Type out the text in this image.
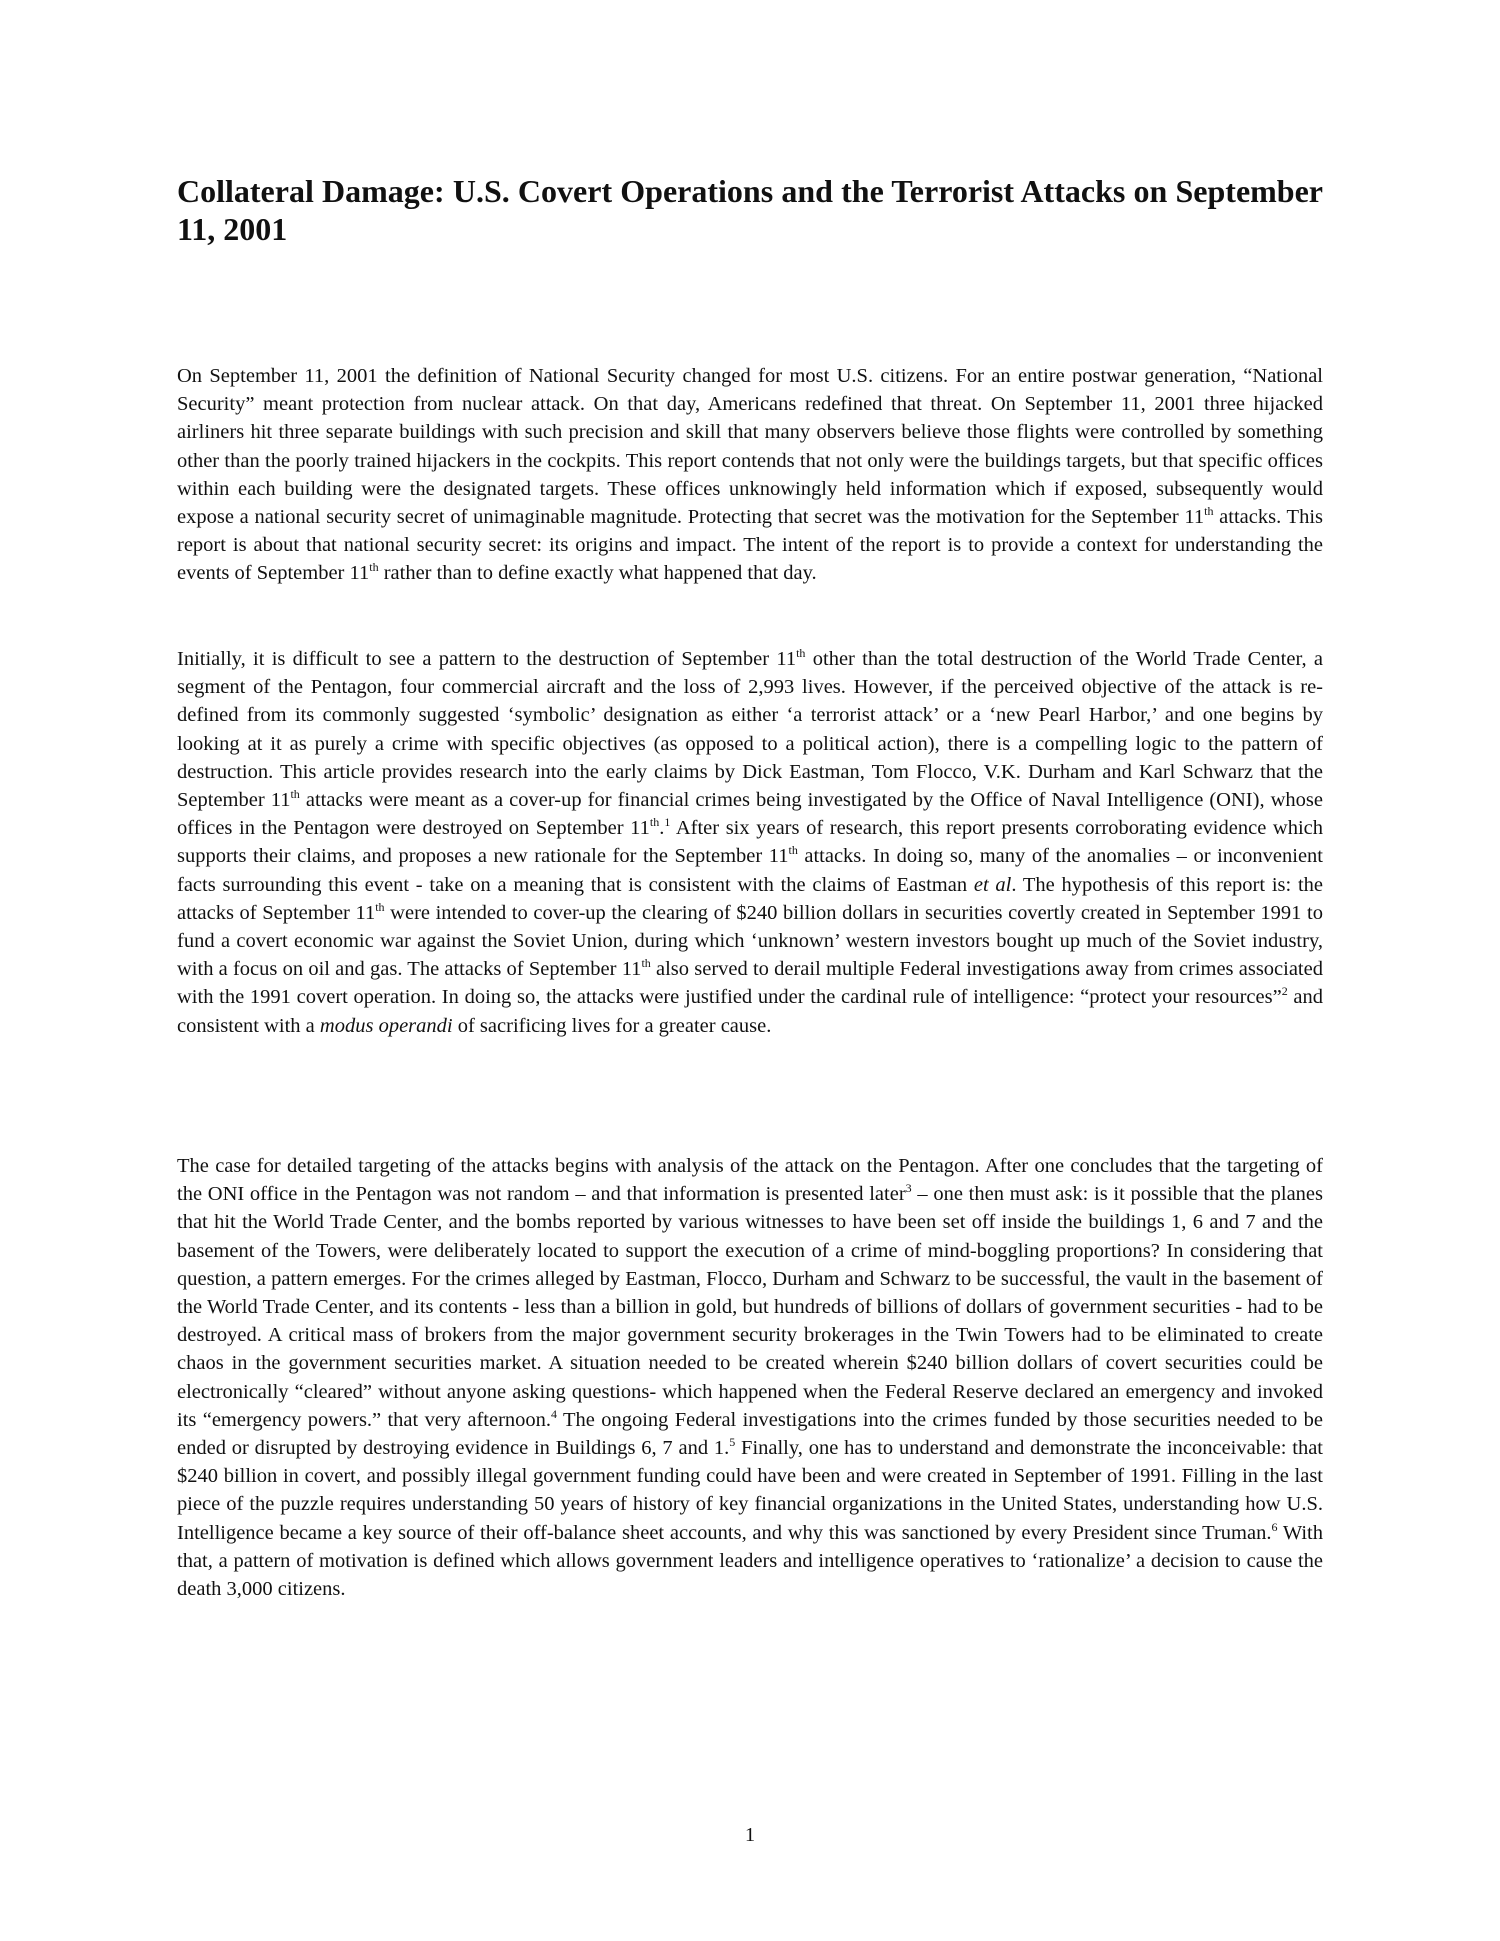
Collateral Damage: U.S. Covert Operations and the Terrorist Attacks on September 11, 2001

On September 11, 2001 the definition of National Security changed for most U.S. citizens. For an entire postwar generation, “National Security” meant protection from nuclear attack. On that day, Americans redefined that threat. On September 11, 2001 three hijacked airliners hit three separate buildings with such precision and skill that many observers believe those flights were controlled by something other than the poorly trained hijackers in the cockpits. This report contends that not only were the buildings targets, but that specific offices within each building were the designated targets. These offices unknowingly held information which if exposed, subsequently would expose a national security secret of unimaginable magnitude. Protecting that secret was the motivation for the September 11th attacks. This report is about that national security secret: its origins and impact. The intent of the report is to provide a context for understanding the events of September 11th rather than to define exactly what happened that day.

Initially, it is difficult to see a pattern to the destruction of September 11th other than the total destruction of the World Trade Center, a segment of the Pentagon, four commercial aircraft and the loss of 2,993 lives. However, if the perceived objective of the attack is re-defined from its commonly suggested ‘symbolic’ designation as either ‘a terrorist attack’ or a ‘new Pearl Harbor,’ and one begins by looking at it as purely a crime with specific objectives (as opposed to a political action), there is a compelling logic to the pattern of destruction. This article provides research into the early claims by Dick Eastman, Tom Flocco, V.K. Durham and Karl Schwarz that the September 11th attacks were meant as a cover-up for financial crimes being investigated by the Office of Naval Intelligence (ONI), whose offices in the Pentagon were destroyed on September 11th.$^1$ After six years of research, this report presents corroborating evidence which supports their claims, and proposes a new rationale for the September 11th attacks. In doing so, many of the anomalies – or inconvenient facts surrounding this event - take on a meaning that is consistent with the claims of Eastman et al. The hypothesis of this report is: the attacks of September 11th were intended to cover-up the clearing of $240 billion dollars in securities covertly created in September 1991 to fund a covert economic war against the Soviet Union, during which ‘unknown’ western investors bought up much of the Soviet industry, with a focus on oil and gas. The attacks of September 11th also served to derail multiple Federal investigations away from crimes associated with the 1991 covert operation. In doing so, the attacks were justified under the cardinal rule of intelligence: “protect your resources”$^2$ and consistent with a modus operandi of sacrificing lives for a greater cause.

The case for detailed targeting of the attacks begins with analysis of the attack on the Pentagon. After one concludes that the targeting of the ONI office in the Pentagon was not random – and that information is presented later$^3$ – one then must ask: is it possible that the planes that hit the World Trade Center, and the bombs reported by various witnesses to have been set off inside the buildings 1, 6 and 7 and the basement of the Towers, were deliberately located to support the execution of a crime of mind-boggling proportions? In considering that question, a pattern emerges. For the crimes alleged by Eastman, Flocco, Durham and Schwarz to be successful, the vault in the basement of the World Trade Center, and its contents - less than a billion in gold, but hundreds of billions of dollars of government securities - had to be destroyed. A critical mass of brokers from the major government security brokerages in the Twin Towers had to be eliminated to create chaos in the government securities market. A situation needed to be created wherein $240 billion dollars of covert securities could be electronically “cleared” without anyone asking questions- which happened when the Federal Reserve declared an emergency and invoked its “emergency powers.” that very afternoon.$^4$ The ongoing Federal investigations into the crimes funded by those securities needed to be ended or disrupted by destroying evidence in Buildings 6, 7 and 1.$^5$ Finally, one has to understand and demonstrate the inconceivable: that $240 billion in covert, and possibly illegal government funding could have been and were created in September of 1991. Filling in the last piece of the puzzle requires understanding 50 years of history of key financial organizations in the United States, understanding how U.S. Intelligence became a key source of their off-balance sheet accounts, and why this was sanctioned by every President since Truman.$^6$ With that, a pattern of motivation is defined which allows government leaders and intelligence operatives to ‘rationalize’ a decision to cause the death 3,000 citizens.

1
